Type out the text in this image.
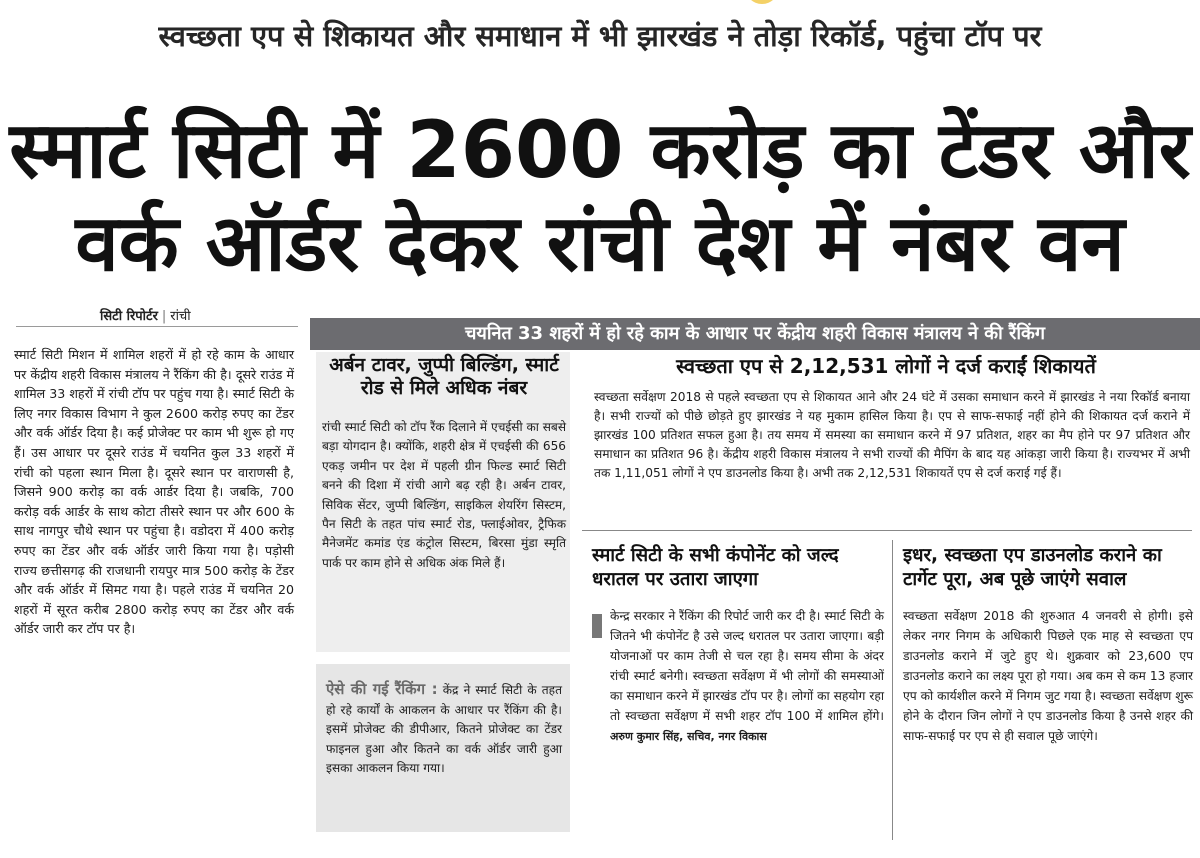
स्वच्छता एप से शिकायत और समाधान में भी झारखंड ने तोड़ा रिकॉर्ड, पहुंचा टॉप पर
स्मार्ट सिटी में 2600 करोड़ का टेंडर और
वर्क ऑर्डर देकर रांची देश में नंबर वन
सिटी रिपोर्टर | रांची
स्मार्ट सिटी मिशन में शामिल शहरों में हो रहे काम के आधार पर केंद्रीय शहरी विकास मंत्रालय ने रैंकिंग की है। दूसरे राउंड में शामिल 33 शहरों में रांची टॉप पर पहुंच गया है। स्मार्ट सिटी के लिए नगर विकास विभाग ने कुल 2600 करोड़ रुपए का टेंडर और वर्क ऑर्डर दिया है। कई प्रोजेक्ट पर काम भी शुरू हो गए हैं। उस आधार पर दूसरे राउंड में चयनित कुल 33 शहरों में रांची को पहला स्थान मिला है। दूसरे स्थान पर वाराणसी है, जिसने 900 करोड़ का वर्क आर्डर दिया है। जबकि, 700 करोड़ वर्क आर्डर के साथ कोटा तीसरे स्थान पर और 600 के साथ नागपुर चौथे स्थान पर पहुंचा है। वडोदरा में 400 करोड़ रुपए का टेंडर और वर्क ऑर्डर जारी किया गया है। पड़ोसी राज्य छत्तीसगढ़ की राजधानी रायपुर मात्र 500 करोड़ के टेंडर और वर्क ऑर्डर में सिमट गया है। पहले राउंड में चयनित 20 शहरों में सूरत करीब 2800 करोड़ रुपए का टेंडर और वर्क ऑर्डर जारी कर टॉप पर है।
चयनित 33 शहरों में हो रहे काम के आधार पर केंद्रीय शहरी विकास मंत्रालय ने की रैंकिंग
अर्बन टावर, जुप्पी बिल्डिंग, स्मार्ट रोड से मिले अधिक नंबर
रांची स्मार्ट सिटी को टॉप रैंक दिलाने में एचईसी का सबसे बड़ा योगदान है। क्योंकि, शहरी क्षेत्र में एचईसी की 656 एकड़ जमीन पर देश में पहली ग्रीन फिल्ड स्मार्ट सिटी बनने की दिशा में रांची आगे बढ़ रही है। अर्बन टावर, सिविक सेंटर, जुप्पी बिल्डिंग, साइकिल शेयरिंग सिस्टम, पैन सिटी के तहत पांच स्मार्ट रोड, फ्लाईओवर, ट्रैफिक मैनेजमेंट कमांड एंड कंट्रोल सिस्टम, बिरसा मुंडा स्मृति पार्क पर काम होने से अधिक अंक मिले हैं।
ऐसे की गई रैंकिंग : केंद्र ने स्मार्ट सिटी के तहत हो रहे कार्यों के आकलन के आधार पर रैंकिंग की है। इसमें प्रोजेक्ट की डीपीआर, कितने प्रोजेक्ट का टेंडर फाइनल हुआ और कितने का वर्क ऑर्डर जारी हुआ इसका आकलन किया गया।
स्वच्छता एप से 2,12,531 लोगों ने दर्ज कराईं शिकायतें
स्वच्छता सर्वेक्षण 2018 से पहले स्वच्छता एप से शिकायत आने और 24 घंटे में उसका समाधान करने में झारखंड ने नया रिकॉर्ड बनाया है। सभी राज्यों को पीछे छोड़ते हुए झारखंड ने यह मुकाम हासिल किया है। एप से साफ-सफाई नहीं होने की शिकायत दर्ज कराने में झारखंड 100 प्रतिशत सफल हुआ है। तय समय में समस्या का समाधान करने में 97 प्रतिशत, शहर का मैप होने पर 97 प्रतिशत और समाधान का प्रतिशत 96 है। केंद्रीय शहरी विकास मंत्रालय ने सभी राज्यों की मैपिंग के बाद यह आंकड़ा जारी किया है। राज्यभर में अभी तक 1,11,051 लोगों ने एप डाउनलोड किया है। अभी तक 2,12,531 शिकायतें एप से दर्ज कराई गई हैं।
स्मार्ट सिटी के सभी कंपोनेंट को जल्द धरातल पर उतारा जाएगा
इधर, स्वच्छता एप डाउनलोड कराने का टार्गेट पूरा, अब पूछे जाएंगे सवाल
केन्द्र सरकार ने रैंकिंग की रिपोर्ट जारी कर दी है। स्मार्ट सिटी के जितने भी कंपोनेंट है उसे जल्द धरातल पर उतारा जाएगा। बड़ी योजनाओं पर काम तेजी से चल रहा है। समय सीमा के अंदर रांची स्मार्ट बनेगी। स्वच्छता सर्वेक्षण में भी लोगों की समस्याओं का समाधान करने में झारखंड टॉप पर है। लोगों का सहयोग रहा तो स्वच्छता सर्वेक्षण में सभी शहर टॉप 100 में शामिल होंगे। अरुण कुमार सिंह, सचिव, नगर विकास
स्वच्छता सर्वेक्षण 2018 की शुरुआत 4 जनवरी से होगी। इसे लेकर नगर निगम के अधिकारी पिछले एक माह से स्वच्छता एप डाउनलोड कराने में जुटे हुए थे। शुक्रवार को 23,600 एप डाउनलोड कराने का लक्ष्य पूरा हो गया। अब कम से कम 13 हजार एप को कार्यशील करने में निगम जुट गया है। स्वच्छता सर्वेक्षण शुरू होने के दौरान जिन लोगों ने एप डाउनलोड किया है उनसे शहर की साफ-सफाई पर एप से ही सवाल पूछे जाएंगे।
